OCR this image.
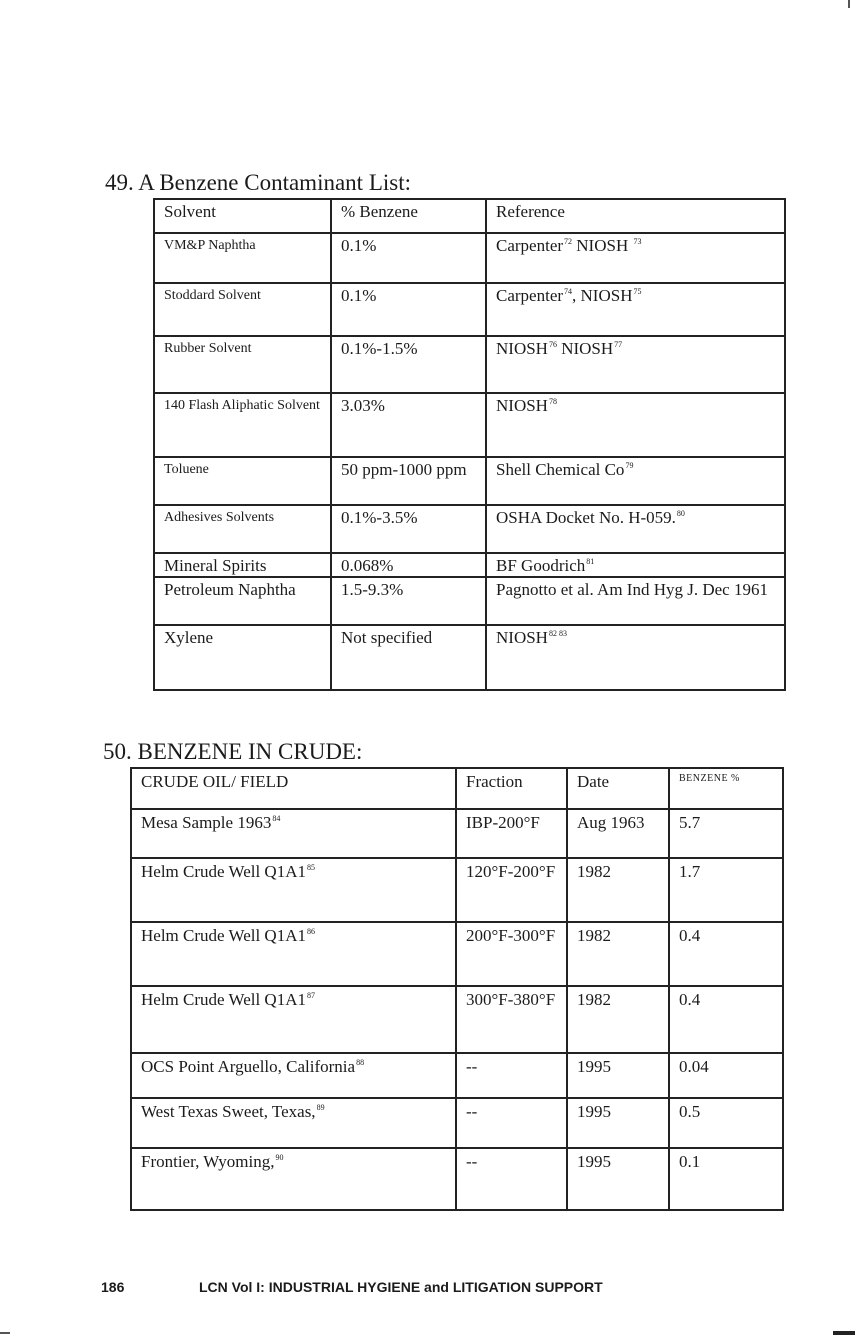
49. A Benzene Contaminant List:
Solvent	% Benzene	Reference
VM&P Naphtha	0.1%	Carpenter$^{72}$ NIOSH $^{73}$
Stoddard Solvent	0.1%	Carpenter$^{74}$, NIOSH$^{75}$
Rubber Solvent	0.1%-1.5%	NIOSH$^{76}$ NIOSH$^{77}$
140 Flash Aliphatic Solvent	3.03%	NIOSH$^{78}$
Toluene	50 ppm-1000 ppm	Shell Chemical Co$^{79}$
Adhesives Solvents	0.1%-3.5%	OSHA Docket No. H-059.80
Mineral Spirits	0.068%	BF Goodrich$^{81}$
Petroleum Naphtha	1.5-9.3%	Pagnotto et al. Am Ind Hyg J. Dec 1961
Xylene	Not specified	$NIOSH^{82 83}$
50. BENZENE IN CRUDE:
CRUDE OIL/ FIELD	Fraction	Date	BENZENE %
Mesa Sample 1963$^{84}$	IBP-200°F	Aug 1963	5.7
Helm Crude Well $Q1A1^{85}$	120°F-200°F	1982	1.7
Helm Crude Well $Q1A1^{86}$	200°F-300°F	1982	0.4
Helm Crude Well $Q1A1^{87}$	300°F-380°F	1982	0.4
OCS Point Arguello, California$^{88}$	--	1995	0.04
West Texas Sweet, Texas,$^{89}$	--	1995	0.5
Frontier, Wyoming,$^{90}$	--	1995	0.1
186	LCN Vol I: INDUSTRIAL HYGIENE and LITIGATION SUPPORT
